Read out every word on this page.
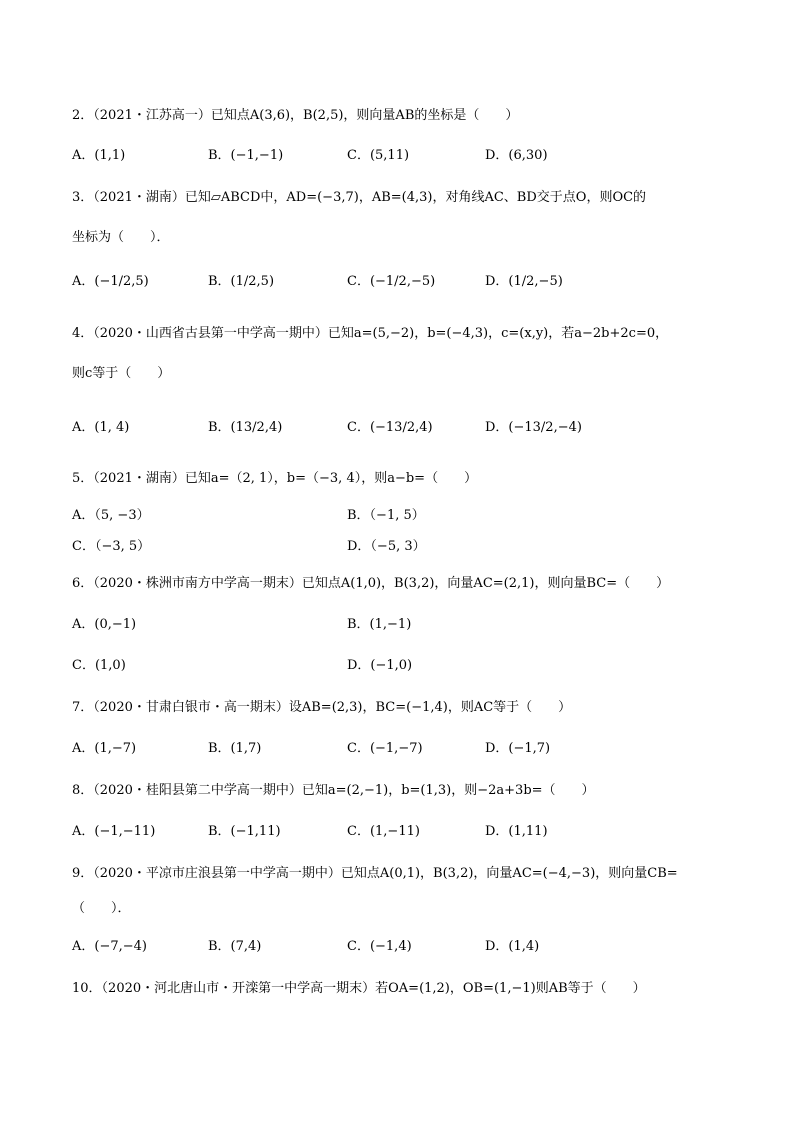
2．（2021・江苏高一）已知点A(3,6)，B(2,5)，则向量AB的坐标是（　　）
A．(1,1)	B．(−1,−1)	C．(5,11)	D．(6,30)
3．（2021・湖南）已知▱ABCD中，AD=(−3,7)，AB=(4,3)，对角线AC、BD交于点O，则OC的
坐标为（　　）．
A．(−1/2,5)	B．(1/2,5)	C．(−1/2,−5)	D．(1/2,−5)
4．（2020・山西省古县第一中学高一期中）已知a=(5,−2)，b=(−4,3)，c=(x,y)，若a−2b+2c=0，
则c等于（　　）
A．(1, 4)	B．(13/2,4)	C．(−13/2,4)	D．(−13/2,−4)
5．（2021・湖南）已知a=（2, 1），b=（−3, 4），则a−b=（　　）
A．（5, −3）	B．（−1, 5）
C．（−3, 5）	D．（−5, 3）
6．（2020・株洲市南方中学高一期末）已知点A(1,0)，B(3,2)，向量AC=(2,1)，则向量BC=（　　）
A．(0,−1)	B．(1,−1)
C．(1,0)	D．(−1,0)
7．（2020・甘肃白银市・高一期末）设AB=(2,3)，BC=(−1,4)，则AC等于（　　）
A．(1,−7)	B．(1,7)	C．(−1,−7)	D．(−1,7)
8．（2020・桂阳县第二中学高一期中）已知a=(2,−1)，b=(1,3)，则−2a+3b=（　　）
A．(−1,−11)	B．(−1,11)	C．(1,−11)	D．(1,11)
9．（2020・平凉市庄浪县第一中学高一期中）已知点A(0,1)，B(3,2)，向量AC=(−4,−3)，则向量CB=
（　　）．
A．(−7,−4)	B．(7,4)	C．(−1,4)	D．(1,4)
10．（2020・河北唐山市・开滦第一中学高一期末）若OA=(1,2)，OB=(1,−1)则AB等于（　　）
